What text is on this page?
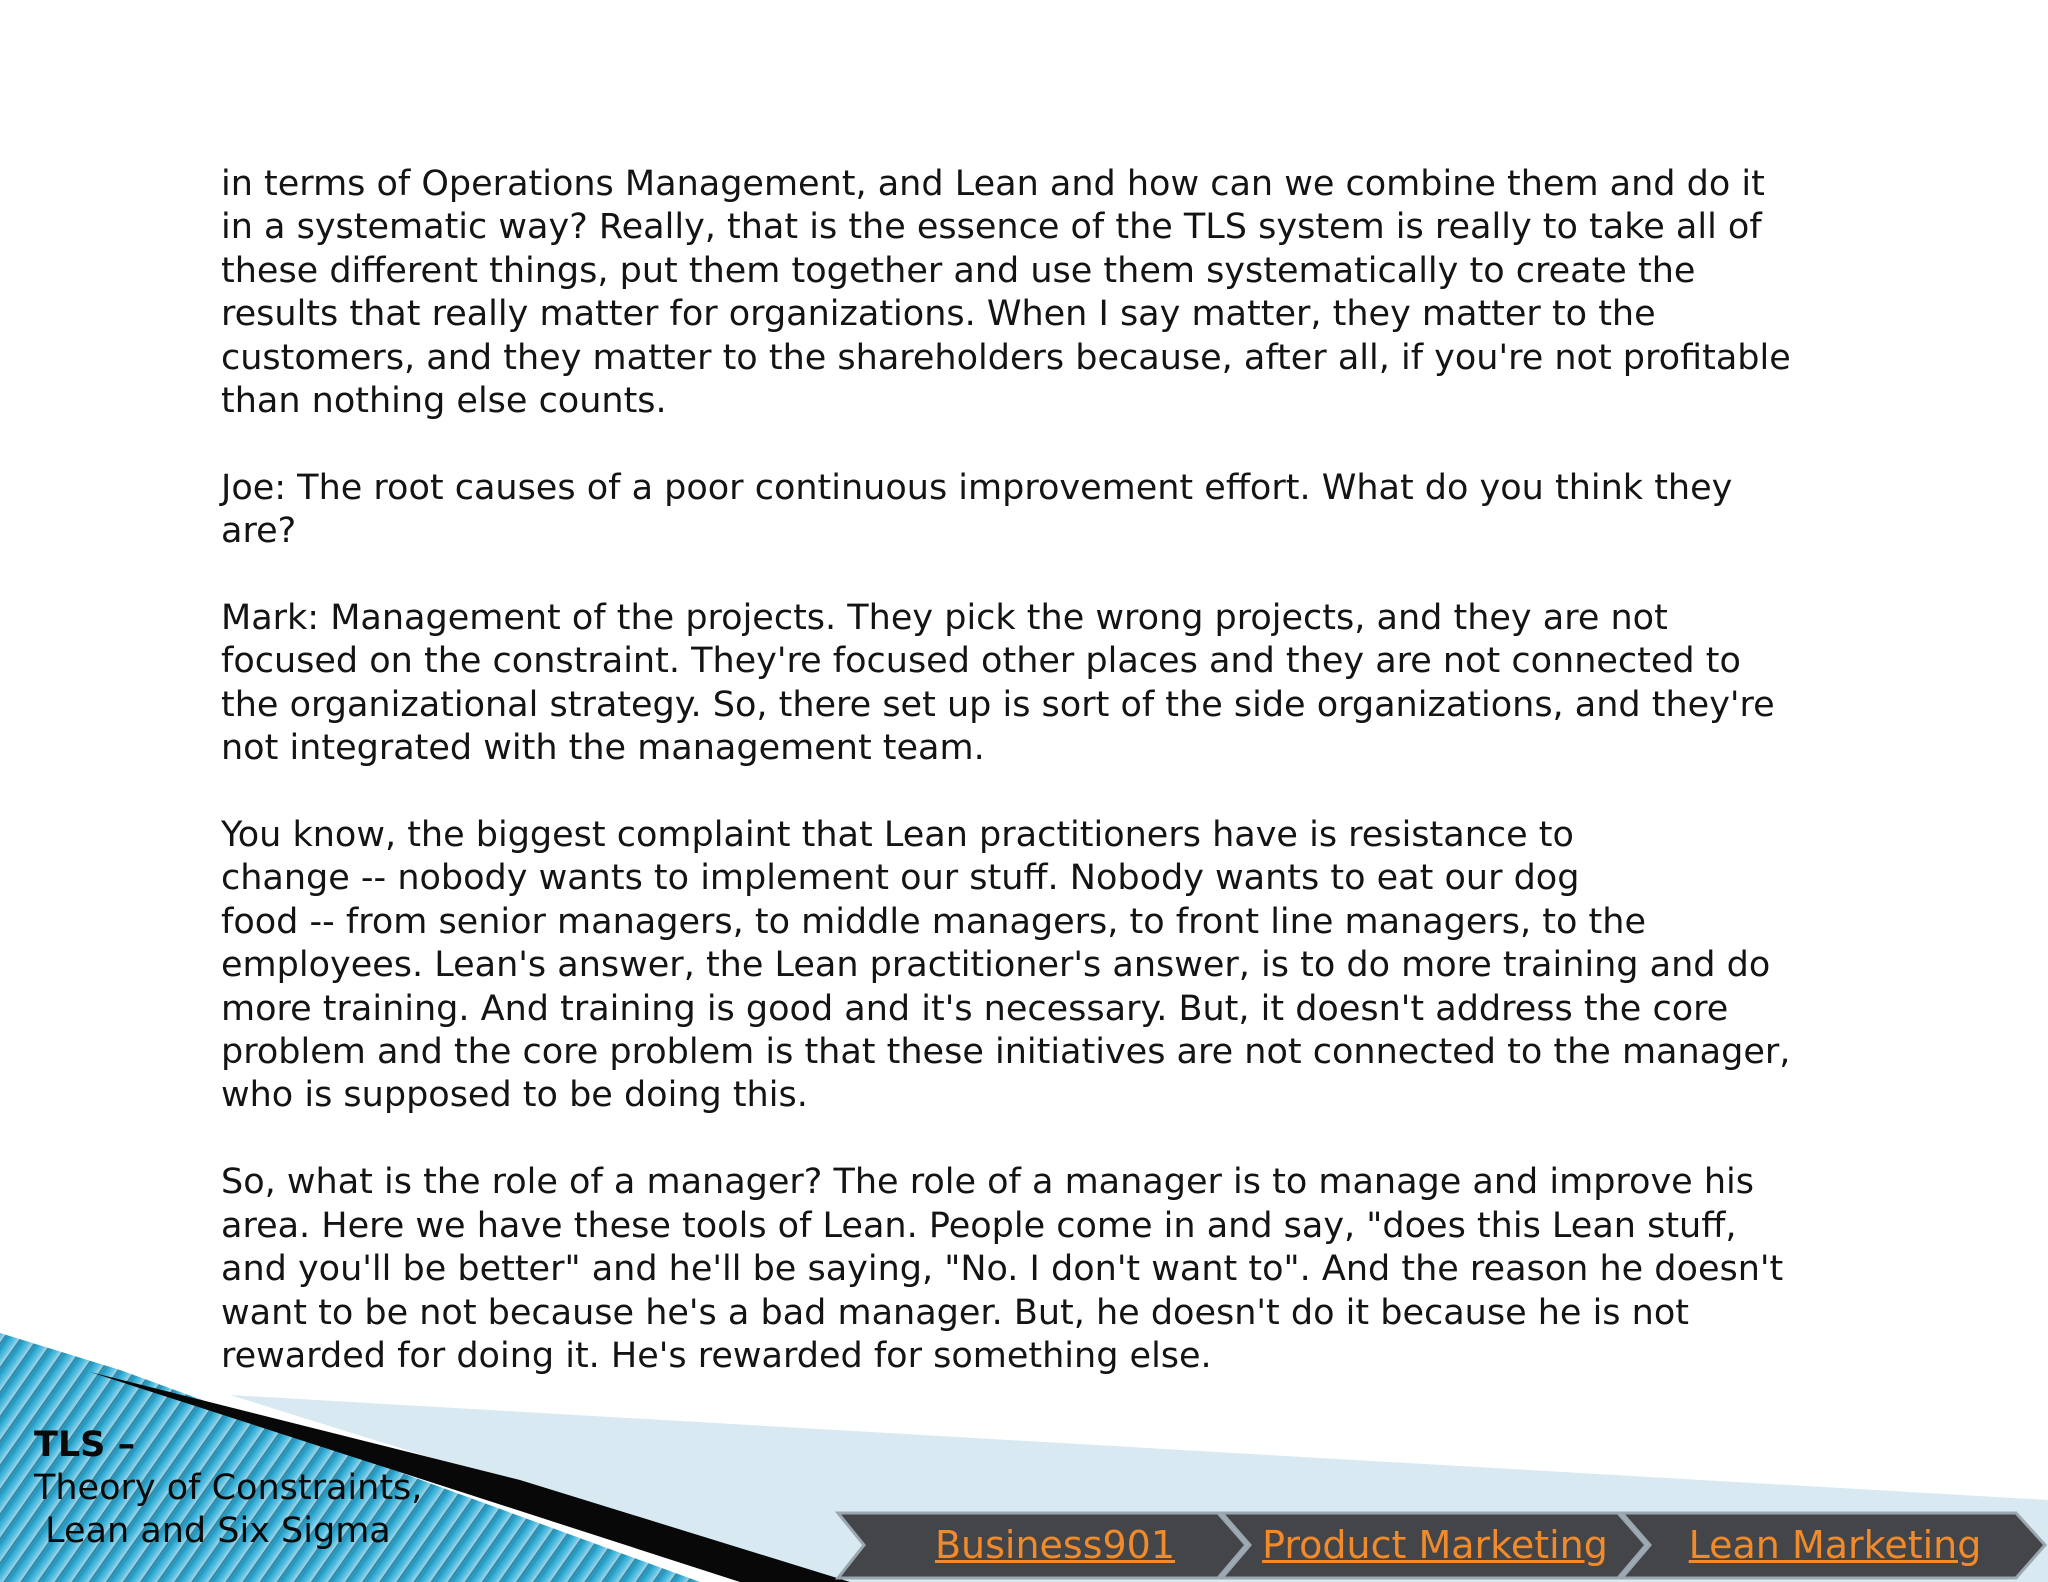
in terms of Operations Management, and Lean and how can we combine them and do it
in a systematic way? Really, that is the essence of the TLS system is really to take all of
these different things, put them together and use them systematically to create the
results that really matter for organizations. When I say matter, they matter to the
customers, and they matter to the shareholders because, after all, if you're not profitable
than nothing else counts.

Joe: The root causes of a poor continuous improvement effort. What do you think they
are?

Mark: Management of the projects. They pick the wrong projects, and they are not
focused on the constraint. They're focused other places and they are not connected to
the organizational strategy. So, there set up is sort of the side organizations, and they're
not integrated with the management team.

You know, the biggest complaint that Lean practitioners have is resistance to
change -- nobody wants to implement our stuff. Nobody wants to eat our dog
food -- from senior managers, to middle managers, to front line managers, to the
employees. Lean's answer, the Lean practitioner's answer, is to do more training and do
more training. And training is good and it's necessary. But, it doesn't address the core
problem and the core problem is that these initiatives are not connected to the manager,
who is supposed to be doing this.

So, what is the role of a manager? The role of a manager is to manage and improve his
area. Here we have these tools of Lean. People come in and say, "does this Lean stuff,
and you'll be better" and he'll be saying, "No. I don't want to". And the reason he doesn't
want to be not because he's a bad manager. But, he doesn't do it because he is not
rewarded for doing it. He's rewarded for something else.

TLS –
Theory of Constraints,
Lean and Six Sigma	Business901	Product Marketing	Lean Marketing
